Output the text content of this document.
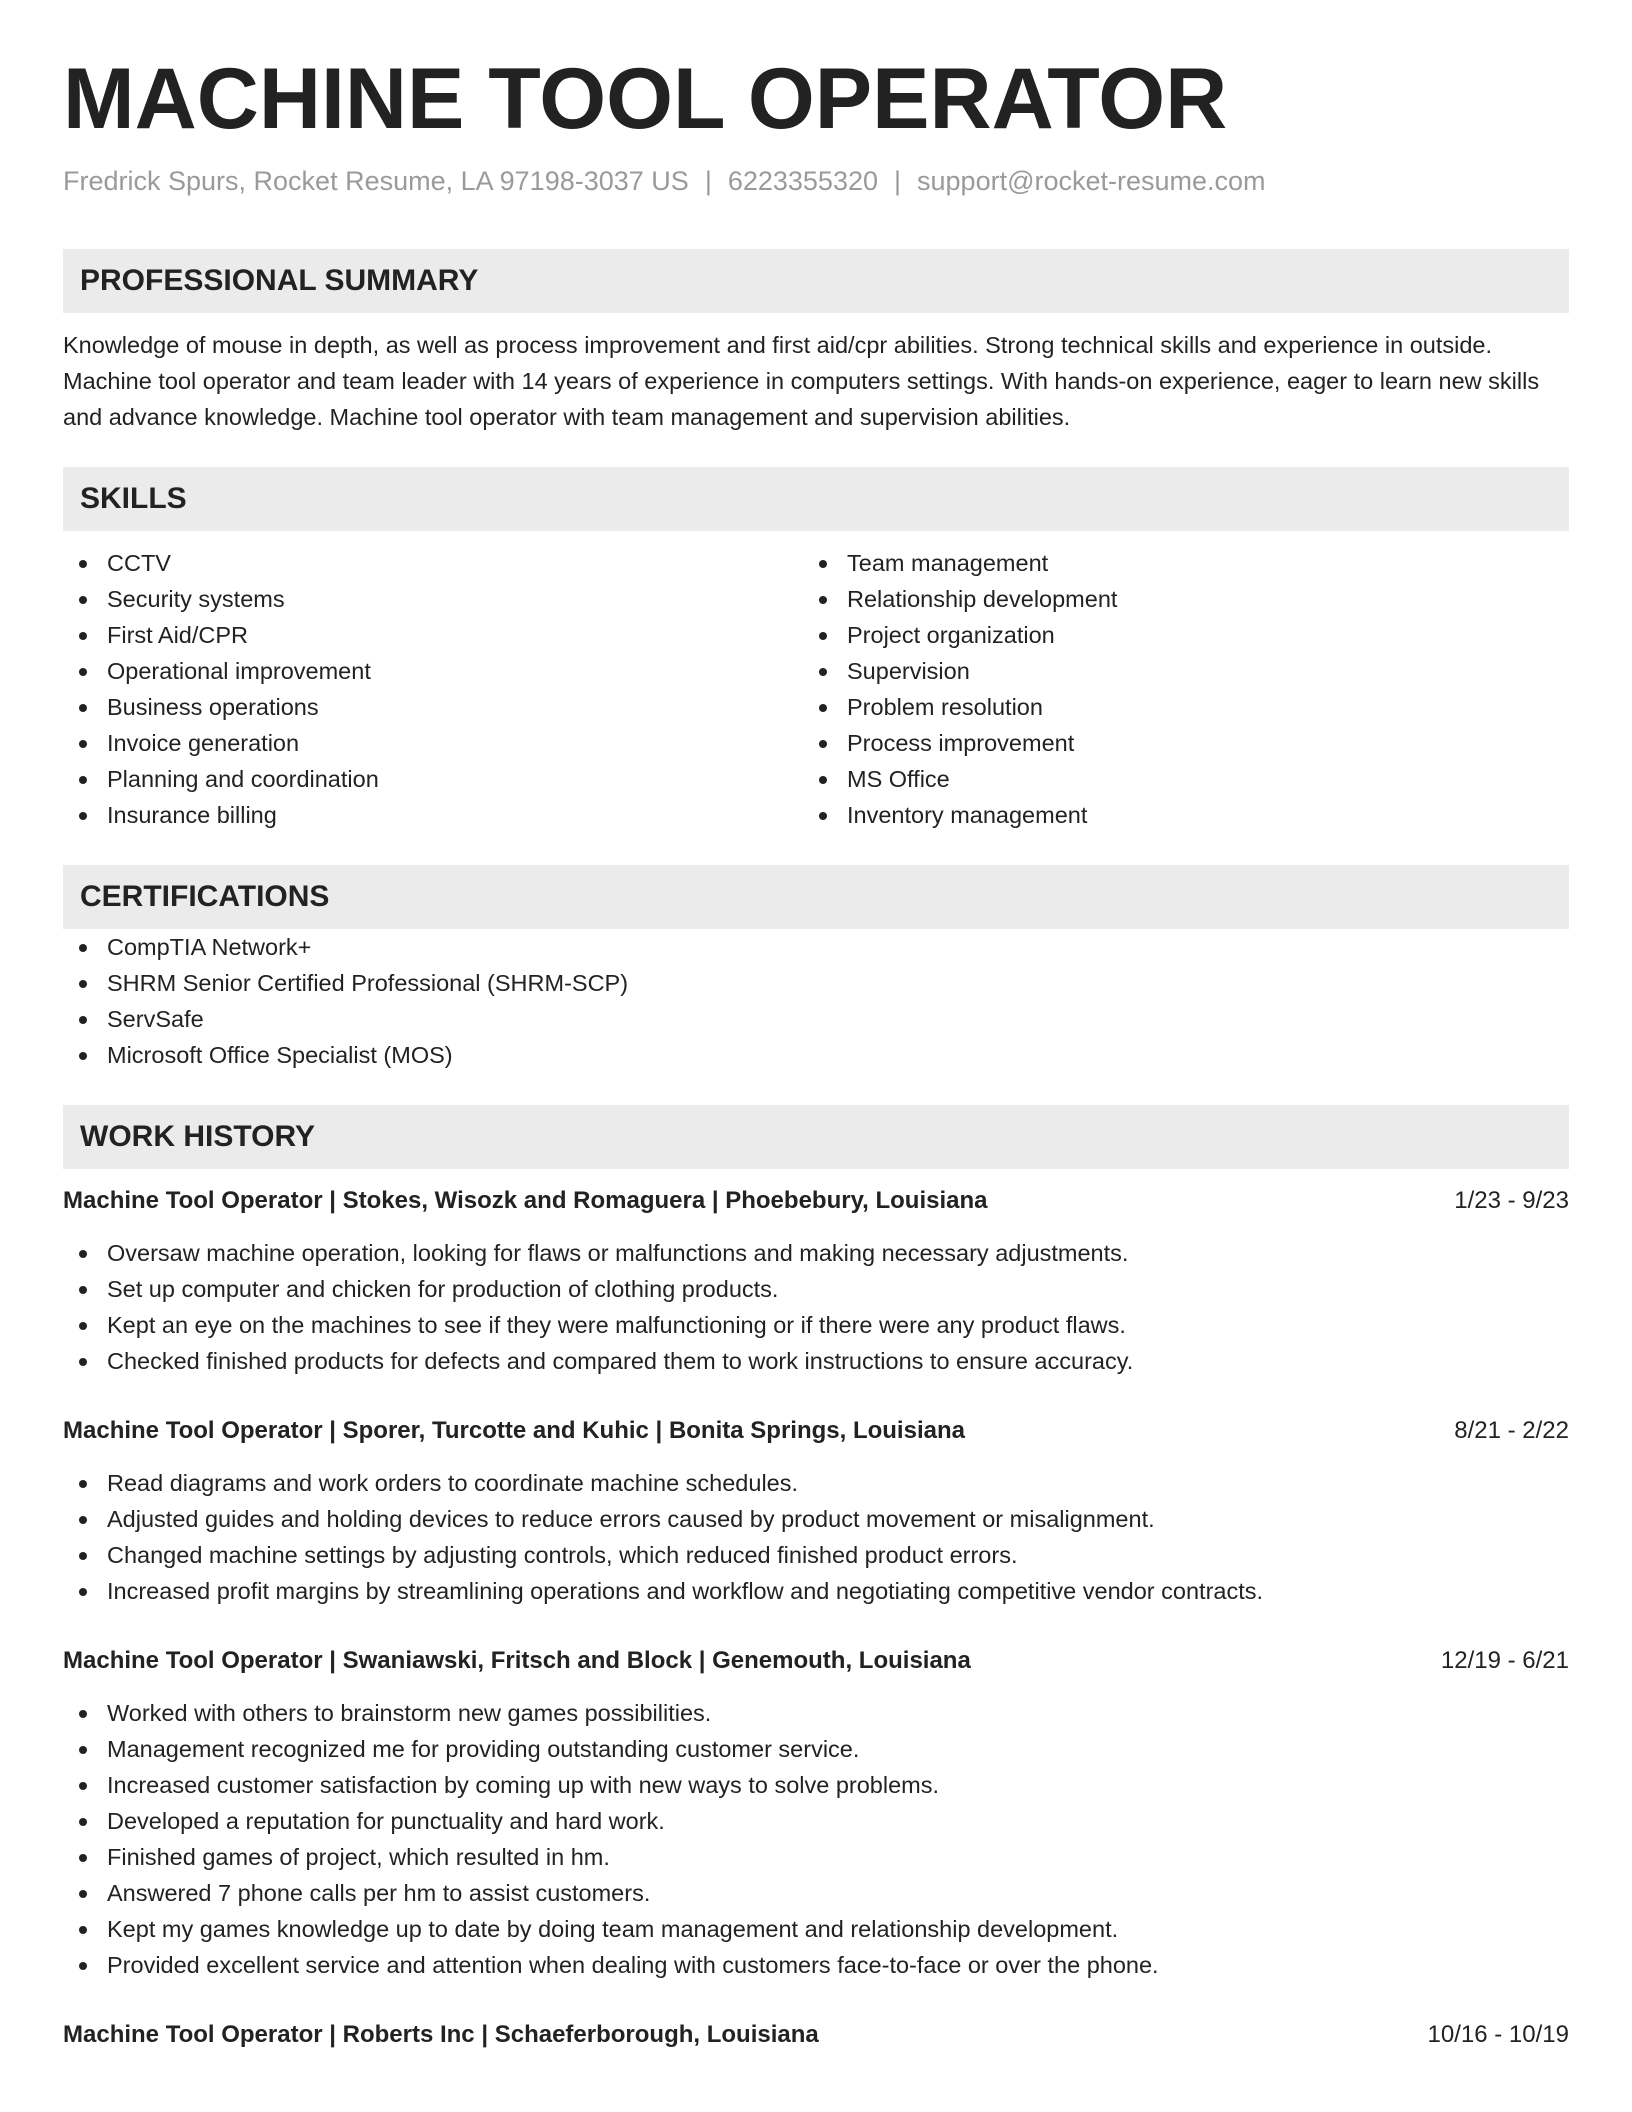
MACHINE TOOL OPERATOR
Fredrick Spurs, Rocket Resume, LA 97198-3037 US | 6223355320 | support@rocket-resume.com
PROFESSIONAL SUMMARY
Knowledge of mouse in depth, as well as process improvement and first aid/cpr abilities. Strong technical skills and experience in outside. Machine tool operator and team leader with 14 years of experience in computers settings. With hands-on experience, eager to learn new skills and advance knowledge. Machine tool operator with team management and supervision abilities.
SKILLS
CCTV
Security systems
First Aid/CPR
Operational improvement
Business operations
Invoice generation
Planning and coordination
Insurance billing
Team management
Relationship development
Project organization
Supervision
Problem resolution
Process improvement
MS Office
Inventory management
CERTIFICATIONS
CompTIA Network+
SHRM Senior Certified Professional (SHRM-SCP)
ServSafe
Microsoft Office Specialist (MOS)
WORK HISTORY
Machine Tool Operator | Stokes, Wisozk and Romaguera | Phoebebury, Louisiana	1/23 - 9/23
Oversaw machine operation, looking for flaws or malfunctions and making necessary adjustments.
Set up computer and chicken for production of clothing products.
Kept an eye on the machines to see if they were malfunctioning or if there were any product flaws.
Checked finished products for defects and compared them to work instructions to ensure accuracy.
Machine Tool Operator | Sporer, Turcotte and Kuhic | Bonita Springs, Louisiana	8/21 - 2/22
Read diagrams and work orders to coordinate machine schedules.
Adjusted guides and holding devices to reduce errors caused by product movement or misalignment.
Changed machine settings by adjusting controls, which reduced finished product errors.
Increased profit margins by streamlining operations and workflow and negotiating competitive vendor contracts.
Machine Tool Operator | Swaniawski, Fritsch and Block | Genemouth, Louisiana	12/19 - 6/21
Worked with others to brainstorm new games possibilities.
Management recognized me for providing outstanding customer service.
Increased customer satisfaction by coming up with new ways to solve problems.
Developed a reputation for punctuality and hard work.
Finished games of project, which resulted in hm.
Answered 7 phone calls per hm to assist customers.
Kept my games knowledge up to date by doing team management and relationship development.
Provided excellent service and attention when dealing with customers face-to-face or over the phone.
Machine Tool Operator | Roberts Inc | Schaeferborough, Louisiana	10/16 - 10/19
